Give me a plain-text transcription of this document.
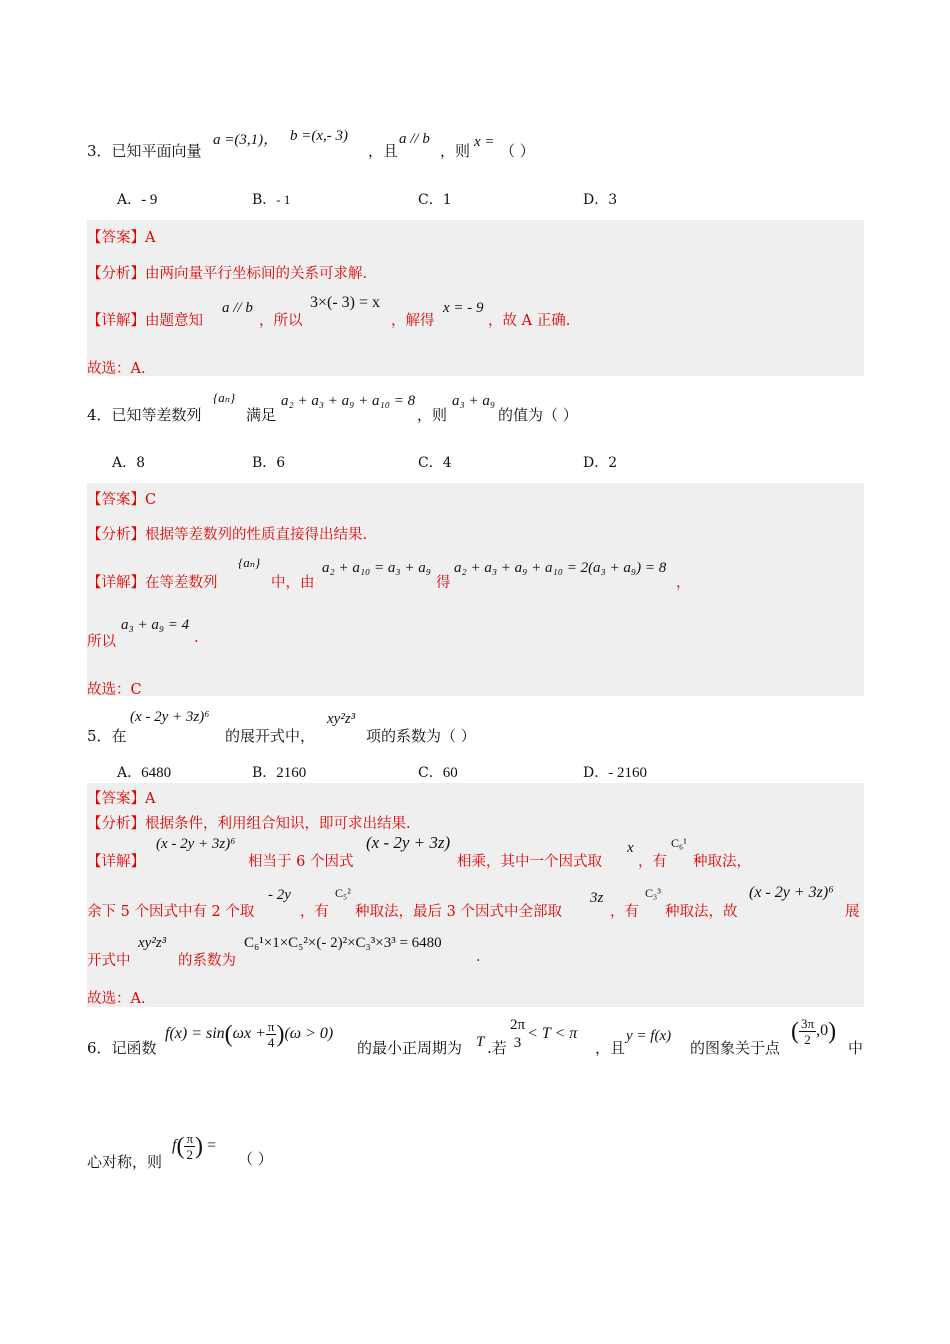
3．已知平面向量
a =(3,1)， b =(x,- 3)
，且
a // b
，则 x = （ ）
A．- 9	B．- 1	C．1	D．3
【答案】A
【分析】由两向量平行坐标间的关系可求解.
【详解】由题意知
a // b
，所以
3×(- 3) = x
，解得
x = - 9
，故 A 正确.
故选：A.
4．已知等差数列
{aₙ}
满足
a₂ + a₃ + a₉ + a₁₀ = 8
，则
a₃ + a₉
的值为（ ）
A．8	B．6	C．4	D．2
【答案】C
【分析】根据等差数列的性质直接得出结果.
【详解】在等差数列
{aₙ}
中，由
a₂ + a₁₀ = a₃ + a₉
得
a₂ + a₃ + a₉ + a₁₀ = 2(a₃ + a₉) = 8
，
所以
a₃ + a₉ = 4
.
故选：C
5．在
(x - 2y + 3z)⁶
的展开式中，
xy²z³
项的系数为（ ）
A．6480	B．2160	C．60	D．- 2160
【答案】A
【分析】根据条件，利用组合知识，即可求出结果.
【详解】
(x - 2y + 3z)⁶
相当于 6 个因式
(x - 2y + 3z)
相乘，其中一个因式取
x
，有
C₆¹
种取法，
余下 5 个因式中有 2 个取
- 2y
，有
C₅²
种取法，最后 3 个因式中全部取
3z
，有
C₃³
种取法，故
(x - 2y + 3z)⁶
展
开式中
xy²z³
的系数为
C₆¹×1×C₅²×(- 2)²×C₃³×3³ = 6480
.
故选：A.
6．记函数
$f(x) = \sin(\omega x + \frac{\pi}{4} )(\omega > 0)$
的最小正周期为 T .若
2π
3
< T < π
，且
y = f(x)
的图象关于点
( $\frac{3\pi}{2} ,0$)
中
心对称，则
$f( \frac{\pi}{2}$ ) =
（ ）
